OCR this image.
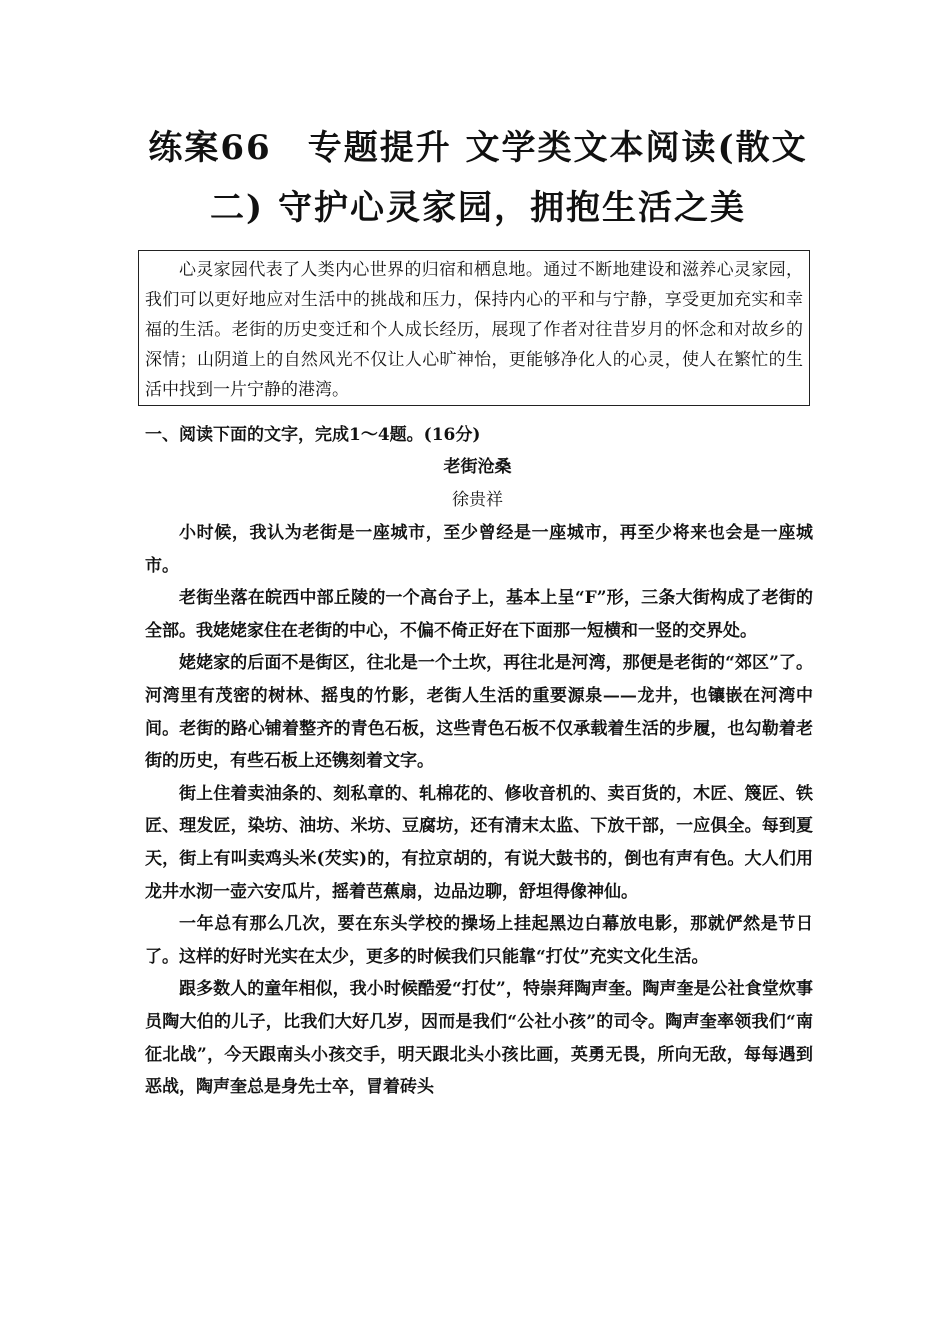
练案66　专题提升 文学类文本阅读(散文
二) 守护心灵家园，拥抱生活之美
心灵家园代表了人类内心世界的归宿和栖息地。通过不断地建设和滋养心灵家园，我们可以更好地应对生活中的挑战和压力，保持内心的平和与宁静，享受更加充实和幸福的生活。老街的历史变迁和个人成长经历，展现了作者对往昔岁月的怀念和对故乡的深情；山阴道上的自然风光不仅让人心旷神怡，更能够净化人的心灵，使人在繁忙的生活中找到一片宁静的港湾。
一、阅读下面的文字，完成1～4题。(16分)
老街沧桑
徐贵祥

小时候，我认为老街是一座城市，至少曾经是一座城市，再至少将来也会是一座城市。

老街坐落在皖西中部丘陵的一个高台子上，基本上呈“F”形，三条大街构成了老街的全部。我姥姥家住在老街的中心，不偏不倚正好在下面那一短横和一竖的交界处。

姥姥家的后面不是街区，往北是一个土坎，再往北是河湾，那便是老街的“郊区”了。河湾里有茂密的树林、摇曳的竹影，老街人生活的重要源泉——龙井，也镶嵌在河湾中间。老街的路心铺着整齐的青色石板，这些青色石板不仅承载着生活的步履，也勾勒着老街的历史，有些石板上还镌刻着文字。

街上住着卖油条的、刻私章的、轧棉花的、修收音机的、卖百货的，木匠、篾匠、铁匠、理发匠，染坊、油坊、米坊、豆腐坊，还有清末太监、下放干部，一应俱全。每到夏天，街上有叫卖鸡头米(芡实)的，有拉京胡的，有说大鼓书的，倒也有声有色。大人们用龙井水沏一壶六安瓜片，摇着芭蕉扇，边品边聊，舒坦得像神仙。

一年总有那么几次，要在东头学校的操场上挂起黑边白幕放电影，那就俨然是节日了。这样的好时光实在太少，更多的时候我们只能靠“打仗”充实文化生活。

跟多数人的童年相似，我小时候酷爱“打仗”，特崇拜陶声奎。陶声奎是公社食堂炊事员陶大伯的儿子，比我们大好几岁，因而是我们“公社小孩”的司令。陶声奎率领我们“南征北战”，今天跟南头小孩交手，明天跟北头小孩比画，英勇无畏，所向无敌，每每遇到恶战，陶声奎总是身先士卒，冒着砖头
